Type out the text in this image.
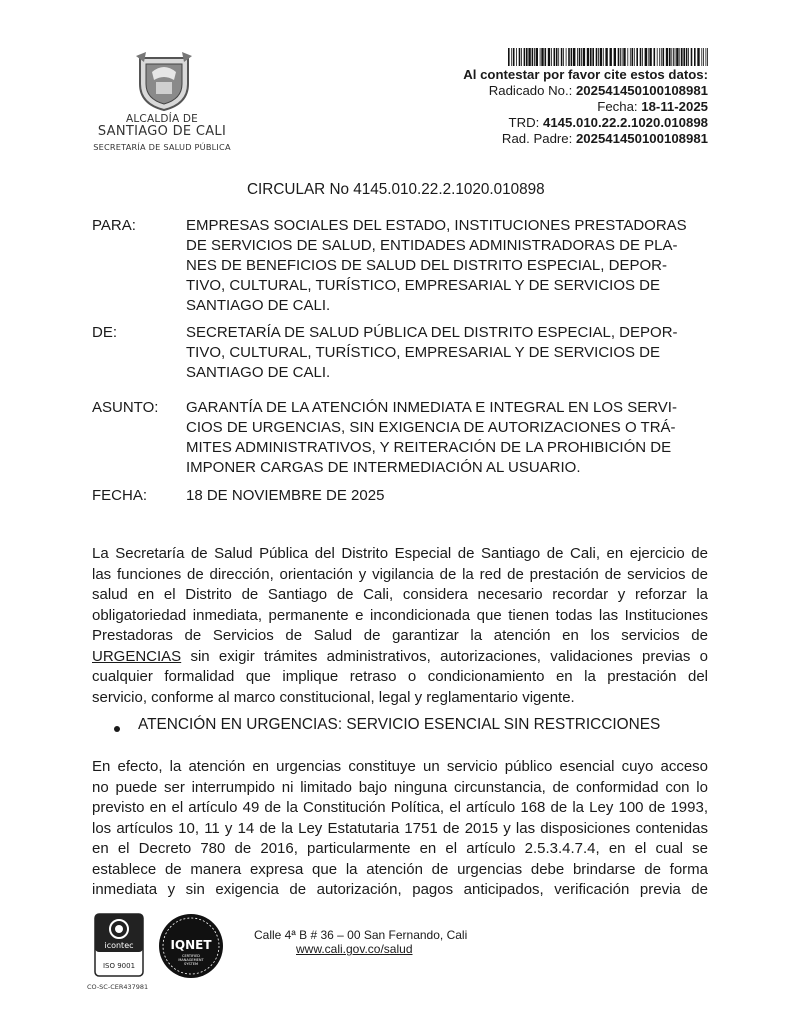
ALCALDÍA DE
SANTIAGO DE CALI
SECRETARÍA DE SALUD PÚBLICA
Al contestar por favor cite estos datos:
Radicado No.: 202541450100108981
Fecha: 18-11-2025
TRD: 4145.010.22.2.1020.010898
Rad. Padre: 202541450100108981
CIRCULAR No 4145.010.22.2.1020.010898
PARA:	EMPRESAS SOCIALES DEL ESTADO, INSTITUCIONES PRESTADORAS
DE SERVICIOS DE SALUD, ENTIDADES ADMINISTRADORAS DE PLA-
NES DE BENEFICIOS DE SALUD DEL DISTRITO ESPECIAL, DEPOR-
TIVO, CULTURAL, TURÍSTICO, EMPRESARIAL Y DE SERVICIOS DE
SANTIAGO DE CALI.
DE:	SECRETARÍA DE SALUD PÚBLICA DEL DISTRITO ESPECIAL, DEPOR-
TIVO, CULTURAL, TURÍSTICO, EMPRESARIAL Y DE SERVICIOS DE
SANTIAGO DE CALI.
ASUNTO: GARANTÍA DE LA ATENCIÓN INMEDIATA E INTEGRAL EN LOS SERVI-
CIOS DE URGENCIAS, SIN EXIGENCIA DE AUTORIZACIONES O TRÁ-
MITES ADMINISTRATIVOS, Y REITERACIÓN DE LA PROHIBICIÓN DE
IMPONER CARGAS DE INTERMEDIACIÓN AL USUARIO.
FECHA:	18 DE NOVIEMBRE DE 2025
La Secretaría de Salud Pública del Distrito Especial de Santiago de Cali, en ejercicio de
las funciones de dirección, orientación y vigilancia de la red de prestación de servicios de
salud en el Distrito de Santiago de Cali, considera necesario recordar y reforzar la
obligatoriedad inmediata, permanente e incondicionada que tienen todas las Instituciones
Prestadoras de Servicios de Salud de garantizar la atención en los servicios de
URGENCIAS sin exigir trámites administrativos, autorizaciones, validaciones previas o
cualquier formalidad que implique retraso o condicionamiento en la prestación del
servicio, conforme al marco constitucional, legal y reglamentario vigente.
ATENCIÓN EN URGENCIAS: SERVICIO ESENCIAL SIN RESTRICCIONES
En efecto, la atención en urgencias constituye un servicio público esencial cuyo acceso
no puede ser interrumpido ni limitado bajo ninguna circunstancia, de conformidad con lo
previsto en el artículo 49 de la Constitución Política, el artículo 168 de la Ley 100 de 1993,
los artículos 10, 11 y 14 de la Ley Estatutaria 1751 de 2015 y las disposiciones contenidas
en el Decreto 780 de 2016, particularmente en el artículo 2.5.3.4.7.4, en el cual se
establece de manera expresa que la atención de urgencias debe brindarse de forma
inmediata y sin exigencia de autorización, pagos anticipados, verificación previa de
icontec
ISO 9001
CO-SC-CER437981
IQNET
CERTIFIED
MANAGEMENT
SYSTEM
Calle 4ª B # 36 – 00 San Fernando, Cali
www.cali.gov.co/salud
